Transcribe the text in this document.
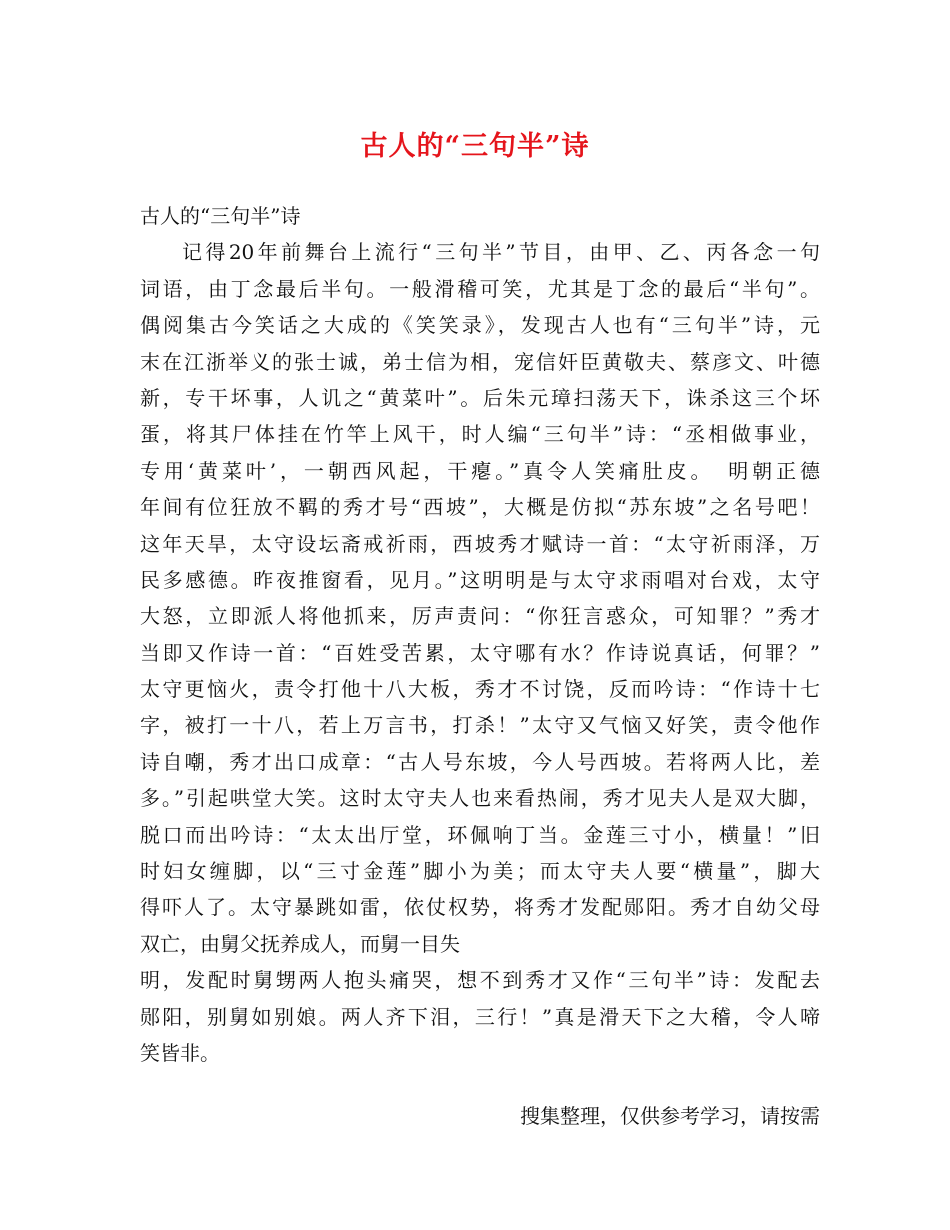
古人的“三句半”诗
古人的“三句半”诗
记得20年前舞台上流行“三句半”节目，由甲、乙、丙各念一句
词语，由丁念最后半句。一般滑稽可笑，尤其是丁念的最后“半句”。
偶阅集古今笑话之大成的《笑笑录》，发现古人也有“三句半”诗，元
末在江浙举义的张士诚，弟士信为相，宠信奸臣黄敬夫、蔡彦文、叶德
新，专干坏事，人讥之“黄菜叶”。后朱元璋扫荡天下，诛杀这三个坏
蛋，将其尸体挂在竹竿上风干，时人编“三句半”诗：“丞相做事业，
专用‘黄菜叶’，一朝西风起，干瘪。”真令人笑痛肚皮。　明朝正德
年间有位狂放不羁的秀才号“西坡”，大概是仿拟“苏东坡”之名号吧！
这年天旱，太守设坛斋戒祈雨，西坡秀才赋诗一首：“太守祈雨泽，万
民多感德。昨夜推窗看，见月。”这明明是与太守求雨唱对台戏，太守
大怒，立即派人将他抓来，厉声责问：“你狂言惑众，可知罪？”秀才
当即又作诗一首：“百姓受苦累，太守哪有水？作诗说真话，何罪？”
太守更恼火，责令打他十八大板，秀才不讨饶，反而吟诗：“作诗十七
字，被打一十八，若上万言书，打杀！”太守又气恼又好笑，责令他作
诗自嘲，秀才出口成章：“古人号东坡，今人号西坡。若将两人比，差
多。”引起哄堂大笑。这时太守夫人也来看热闹，秀才见夫人是双大脚，
脱口而出吟诗：“太太出厅堂，环佩响丁当。金莲三寸小，横量！”旧
时妇女缠脚，以“三寸金莲”脚小为美；而太守夫人要“横量”，脚大
得吓人了。太守暴跳如雷，依仗权势，将秀才发配郧阳。秀才自幼父母
双亡，由舅父抚养成人，而舅一目失
明，发配时舅甥两人抱头痛哭，想不到秀才又作“三句半”诗：发配去
郧阳，别舅如别娘。两人齐下泪，三行！”真是滑天下之大稽，令人啼
笑皆非。
搜集整理，仅供参考学习，请按需
